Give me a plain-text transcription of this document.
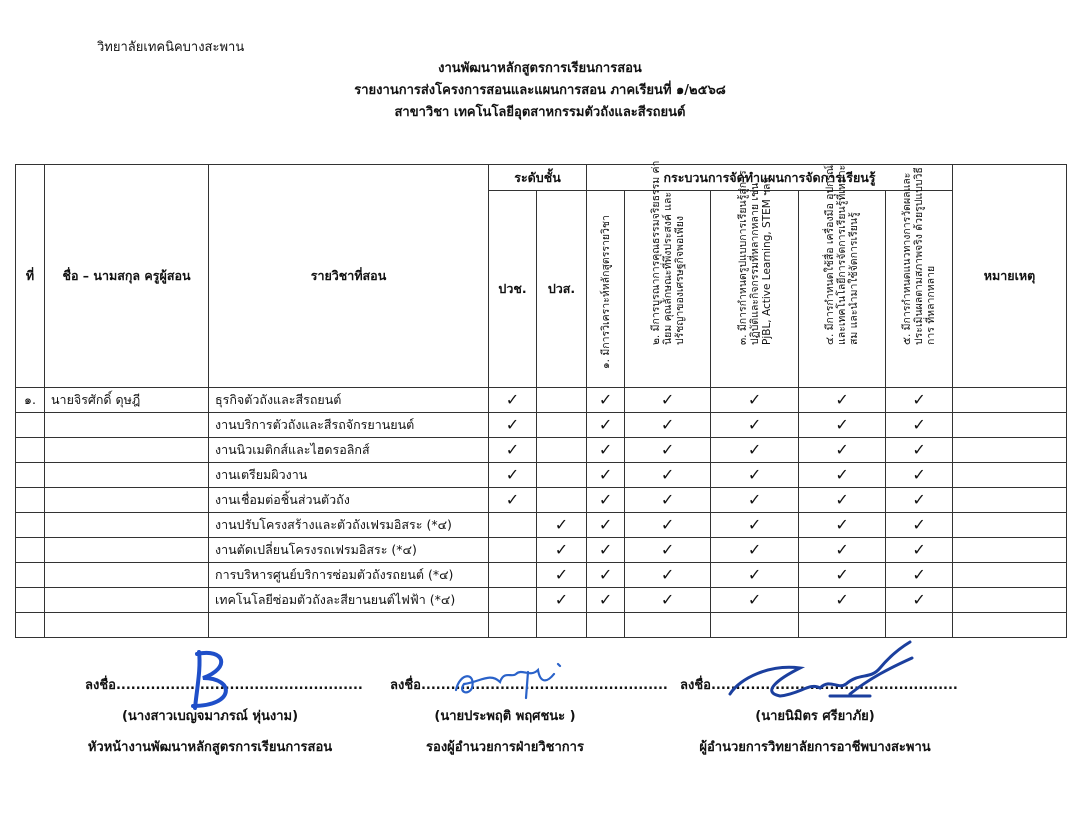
วิทยาลัยเทคนิคบางสะพาน
งานพัฒนาหลักสูตรการเรียนการสอน
รายงานการส่งโครงการสอนและแผนการสอน ภาคเรียนที่ ๑/๒๕๖๘
สาขาวิชา เทคโนโลยีอุตสาหกรรมตัวถังและสีรถยนต์
ที่	ชื่อ – นามสกุล ครูผู้สอน	รายวิชาที่สอน	ระดับชั้น		กระบวนการจัดทำแผนการจัดการเรียนรู้					หมายเหตุ
			ปวช.	ปวส.	๑. มีการวิเคราะห์หลักสูตรรายวิชา	๒. มีการบูรณาการคุณธรรมจริยธรรม ค่านิยม คุณลักษณะที่พึงประสงค์ และปรัชญาของเศรษฐกิจพอเพียง	๓. มีการกำหนดรูปแบบการเรียนรู้สู่การปฏิบัติและกิจกรรมที่หลากหลาย เช่น PjBL, Active Learning, STEM ฯลฯ	๔. มีการกำหนดใช้สื่อ เครื่องมือ อุปกรณ์ และเทคโนโลยีการจัดการเรียนรู้ที่เหมาะสม และนำมาใช้จัดการเรียนรู้	๕. มีการกำหนดแนวทางการวัดผลและประเมินผลตามสภาพจริง ด้วยรูปแบบวิธีการ ที่หลากหลาย	

๑.	นายจิรศักดิ์ ดุษฎี	ธุรกิจตัวถังและสีรถยนต์	✓		✓	✓	✓	✓	✓	
		งานบริการตัวถังและสีรถจักรยานยนต์	✓		✓	✓	✓	✓	✓	
		งานนิวเมติกส์และไฮดรอลิกส์	✓		✓	✓	✓	✓	✓	
		งานเตรียมผิวงาน	✓		✓	✓	✓	✓	✓	
		งานเชื่อมต่อชิ้นส่วนตัวถัง	✓		✓	✓	✓	✓	✓	
		งานปรับโครงสร้างและตัวถังเฟรมอิสระ (*๔)		✓	✓	✓	✓	✓	✓	
		งานตัดเปลี่ยนโครงรถเฟรมอิสระ (*๔)		✓	✓	✓	✓	✓	✓	
		การบริหารศูนย์บริการซ่อมตัวถังรถยนต์ (*๔)		✓	✓	✓	✓	✓	✓	
		เทคโนโลยีซ่อมตัวถังละสียานยนต์ไฟฟ้า (*๔)		✓	✓	✓	✓	✓	✓	

ลงชื่อ..................................................
(นางสาวเบญจมาภรณ์ หุ่นงาม)
หัวหน้างานพัฒนาหลักสูตรการเรียนการสอน
ลงชื่อ..................................................
(นายประพฤติ พฤศชนะ )
รองผู้อำนวยการฝ่ายวิชาการ
ลงชื่อ..................................................
(นายนิมิตร ศรียาภัย)
ผู้อำนวยการวิทยาลัยการอาชีพบางสะพาน
